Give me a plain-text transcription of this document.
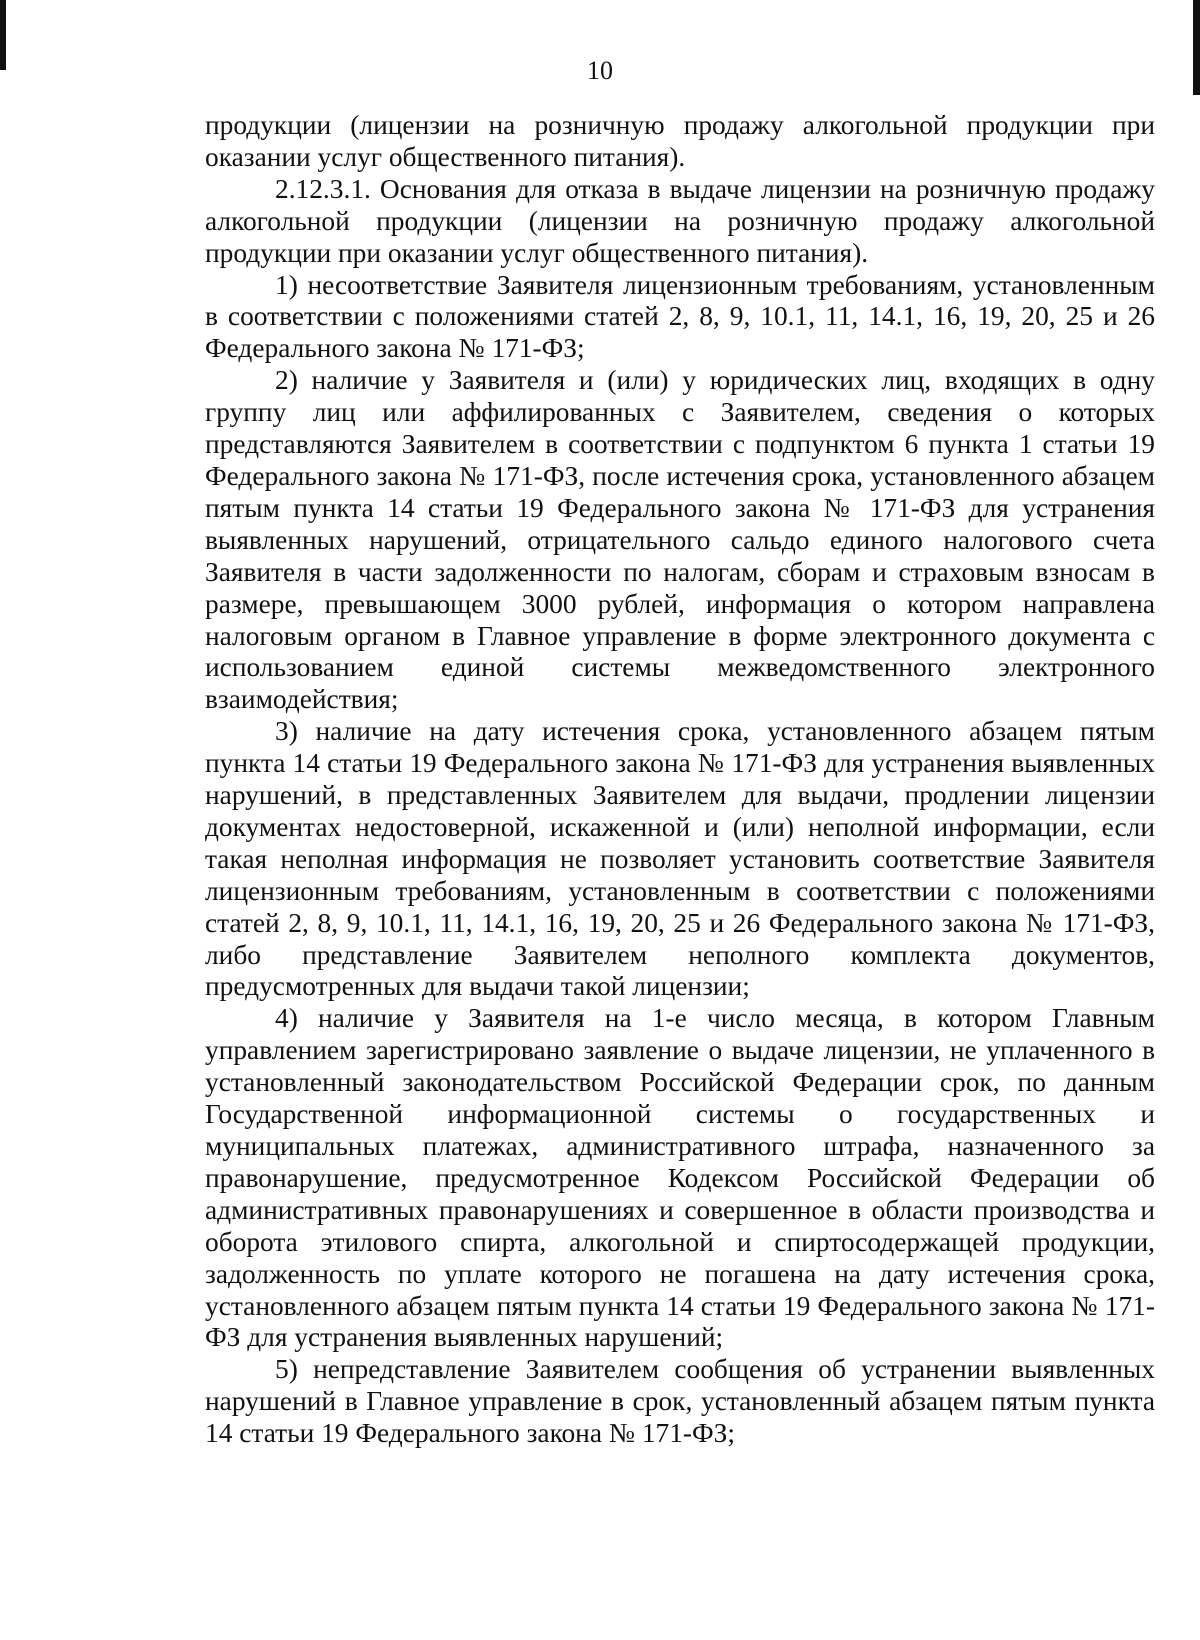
10

продукции (лицензии на розничную продажу алкогольной продукции при оказании услуг общественного питания).

2.12.3.1. Основания для отказа в выдаче лицензии на розничную продажу алкогольной продукции (лицензии на розничную продажу алкогольной продукции при оказании услуг общественного питания).

1) несоответствие Заявителя лицензионным требованиям, установленным в соответствии с положениями статей 2, 8, 9, 10.1, 11, 14.1, 16, 19, 20, 25 и 26 Федерального закона № 171-ФЗ;

2) наличие у Заявителя и (или) у юридических лиц, входящих в одну группу лиц или аффилированных с Заявителем, сведения о которых представляются Заявителем в соответствии с подпунктом 6 пункта 1 статьи 19 Федерального закона № 171-ФЗ, после истечения срока, установленного абзацем пятым пункта 14 статьи 19 Федерального закона № 171-ФЗ для устранения выявленных нарушений, отрицательного сальдо единого налогового счета Заявителя в части задолженности по налогам, сборам и страховым взносам в размере, превышающем 3000 рублей, информация о котором направлена налоговым органом в Главное управление в форме электронного документа с использованием единой системы межведомственного электронного взаимодействия;

3) наличие на дату истечения срока, установленного абзацем пятым пункта 14 статьи 19 Федерального закона № 171-ФЗ для устранения выявленных нарушений, в представленных Заявителем для выдачи, продлении лицензии документах недостоверной, искаженной и (или) неполной информации, если такая неполная информация не позволяет установить соответствие Заявителя лицензионным требованиям, установленным в соответствии с положениями статей 2, 8, 9, 10.1, 11, 14.1, 16, 19, 20, 25 и 26 Федерального закона № 171-ФЗ, либо представление Заявителем неполного комплекта документов, предусмотренных для выдачи такой лицензии;

4) наличие у Заявителя на 1-е число месяца, в котором Главным управлением зарегистрировано заявление о выдаче лицензии, не уплаченного в установленный законодательством Российской Федерации срок, по данным Государственной информационной системы о государственных и муниципальных платежах, административного штрафа, назначенного за правонарушение, предусмотренное Кодексом Российской Федерации об административных правонарушениях и совершенное в области производства и оборота этилового спирта, алкогольной и спиртосодержащей продукции, задолженность по уплате которого не погашена на дату истечения срока, установленного абзацем пятым пункта 14 статьи 19 Федерального закона № 171-ФЗ для устранения выявленных нарушений;

5) непредставление Заявителем сообщения об устранении выявленных нарушений в Главное управление в срок, установленный абзацем пятым пункта 14 статьи 19 Федерального закона № 171-ФЗ;
